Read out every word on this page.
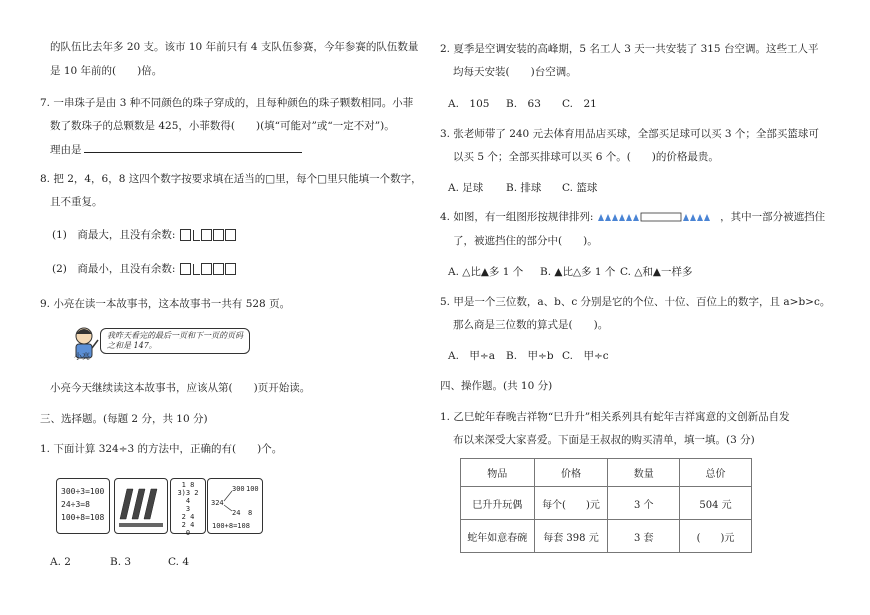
的队伍比去年多 20 支。该市 10 年前只有 4 支队伍参赛，今年参赛的队伍数量
是 10 年前的(　　)倍。
7. 一串珠子是由 3 种不同颜色的珠子穿成的，且每种颜色的珠子颗数相同。小菲
数了数珠子的总颗数是 425，小菲数得(　　)(填“可能对”或“一定不对”)。
理由是
8. 把 2，4，6，8 这四个数字按要求填在适当的□里，每个□里只能填一个数字，
且不重复。
(1)　商最大，且没有余数:
(2)　商最小，且没有余数:
9. 小亮在读一本故事书，这本故事书一共有 528 页。
小亮
我昨天看完的最后一页和下一页的页码
之和是 147。
小亮今天继续读这本故事书，应该从第(　　)页开始读。
三、选择题。(每题 2 分，共 10 分)
1. 下面计算 324÷3 的方法中，正确的有(　　)个。
300÷3=100
24÷3=8
100+8=108
1 8
3)3 2 4
3
2 4
2 4
0
324
300
24
100
8
100+8=108
A. 2	B. 3	C. 4
2. 夏季是空调安装的高峰期，5 名工人 3 天一共安装了 315 台空调。这些工人平
均每天安装(　　)台空调。
A.　105 B.　63 C.　21
3. 张老师带了 240 元去体育用品店买球，全部买足球可以买 3 个；全部买篮球可
以买 5 个；全部买排球可以买 6 个。(　　)的价格最贵。
A. 足球 B. 排球 C. 篮球
4. 如图，有一组图形按规律排列:	，其中一部分被遮挡住
了，被遮挡住的部分中(　　)。
A. △比▲多 1 个 B. ▲比△多 1 个 C. △和▲一样多
5. 甲是一个三位数，a、b、c 分别是它的个位、十位、百位上的数字，且 a>b>c。
那么商是三位数的算式是(　　)。
A.　甲÷a B.　甲÷b C.　甲÷c
四、操作题。(共 10 分)
1. 乙巳蛇年春晚吉祥物“巳升升”相关系列具有蛇年吉祥寓意的文创新品自发
布以来深受大家喜爱。下面是王叔叔的购买清单，填一填。(3 分)
物品	价格	数量	总价
巳升升玩偶	每个(　　)元	3 个	504 元
蛇年如意春碗	每套 398 元	3 套	(　　)元
